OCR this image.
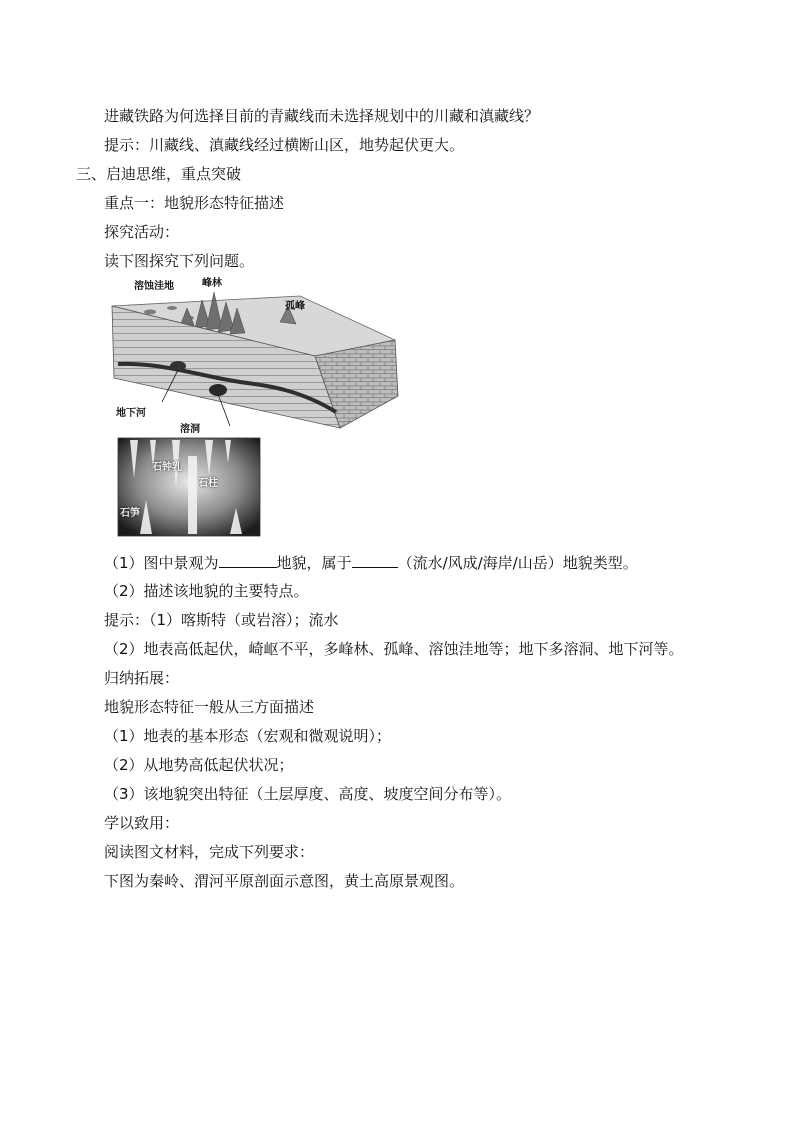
进藏铁路为何选择目前的青藏线而未选择规划中的川藏和滇藏线？
提示：川藏线、滇藏线经过横断山区，地势起伏更大。
三、启迪思维，重点突破
重点一：地貌形态特征描述
探究活动：
读下图探究下列问题。
溶蚀洼地	峰林
孤峰
地下河
溶洞
石钟乳
石柱
石笋
（1）图中景观为	地貌，属于	（流水/风成/海岸/山岳）地貌类型。
（2）描述该地貌的主要特点。
提示：（1）喀斯特（或岩溶）；流水
（2）地表高低起伏，崎岖不平，多峰林、孤峰、溶蚀洼地等；地下多溶洞、地下河等。
归纳拓展：
地貌形态特征一般从三方面描述
（1）地表的基本形态（宏观和微观说明）；
（2）从地势高低起伏状况；
（3）该地貌突出特征（土层厚度、高度、坡度空间分布等）。
学以致用：
阅读图文材料，完成下列要求：
下图为秦岭、渭河平原剖面示意图，黄土高原景观图。
